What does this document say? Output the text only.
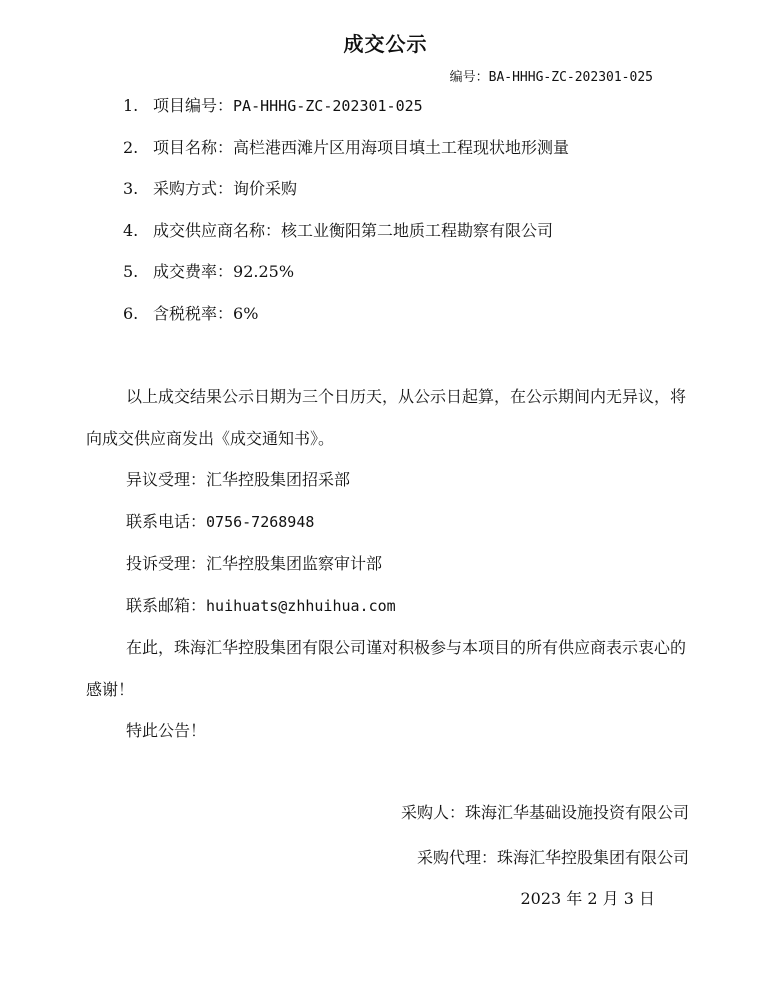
成交公示
编号：BA-HHHG-ZC-202301-025
1. 项目编号：PA-HHHG-ZC-202301-025
2. 项目名称：高栏港西滩片区用海项目填土工程现状地形测量
3. 采购方式：询价采购
4. 成交供应商名称：核工业衡阳第二地质工程勘察有限公司
5. 成交费率：92.25%
6. 含税税率：6%

以上成交结果公示日期为三个日历天，从公示日起算，在公示期间内无异议，将向成交供应商发出《成交通知书》。

异议受理：汇华控股集团招采部

联系电话：0756-7268948

投诉受理：汇华控股集团监察审计部

联系邮箱：huihuats@zhhuihua.com

在此，珠海汇华控股集团有限公司谨对积极参与本项目的所有供应商表示衷心的感谢！

特此公告！

采购人：珠海汇华基础设施投资有限公司
采购代理：珠海汇华控股集团有限公司
2023 年 2 月 3 日
